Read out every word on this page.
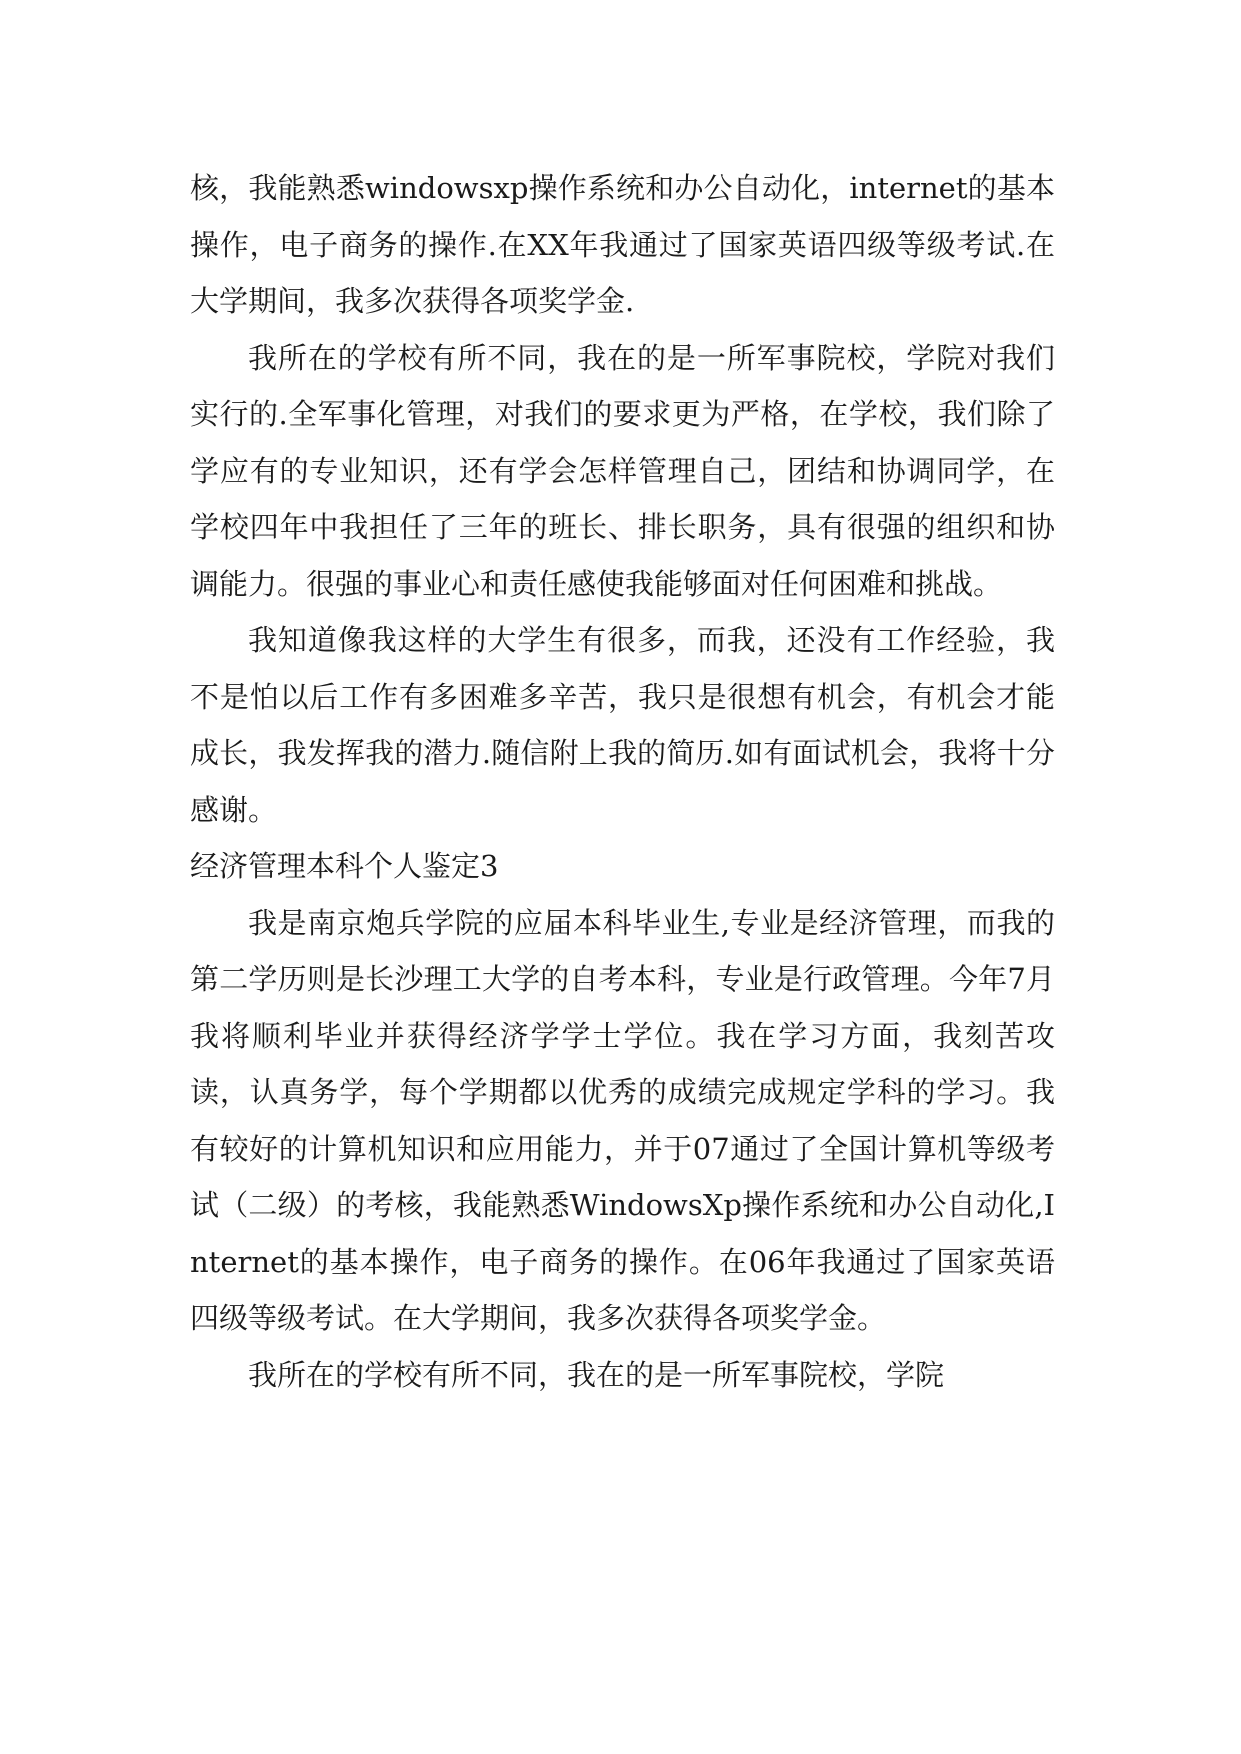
核，我能熟悉windowsxp操作系统和办公自动化，internet的基本操作，电子商务的操作.在XX年我通过了国家英语四级等级考试.在大学期间，我多次获得各项奖学金.

我所在的学校有所不同，我在的是一所军事院校，学院对我们实行的.全军事化管理，对我们的要求更为严格，在学校，我们除了学应有的专业知识，还有学会怎样管理自己，团结和协调同学，在学校四年中我担任了三年的班长、排长职务，具有很强的组织和协调能力。很强的事业心和责任感使我能够面对任何困难和挑战。

我知道像我这样的大学生有很多，而我，还没有工作经验，我不是怕以后工作有多困难多辛苦，我只是很想有机会，有机会才能成长，我发挥我的潜力.随信附上我的简历.如有面试机会，我将十分感谢。

经济管理本科个人鉴定3

我是南京炮兵学院的应届本科毕业生,专业是经济管理，而我的第二学历则是长沙理工大学的自考本科，专业是行政管理。今年7月我将顺利毕业并获得经济学学士学位。我在学习方面，我刻苦攻读，认真务学，每个学期都以优秀的成绩完成规定学科的学习。我有较好的计算机知识和应用能力，并于07通过了全国计算机等级考试（二级）的考核，我能熟悉WindowsXp操作系统和办公自动化,Internet的基本操作，电子商务的操作。在06年我通过了国家英语四级等级考试。在大学期间，我多次获得各项奖学金。

我所在的学校有所不同，我在的是一所军事院校，学院
